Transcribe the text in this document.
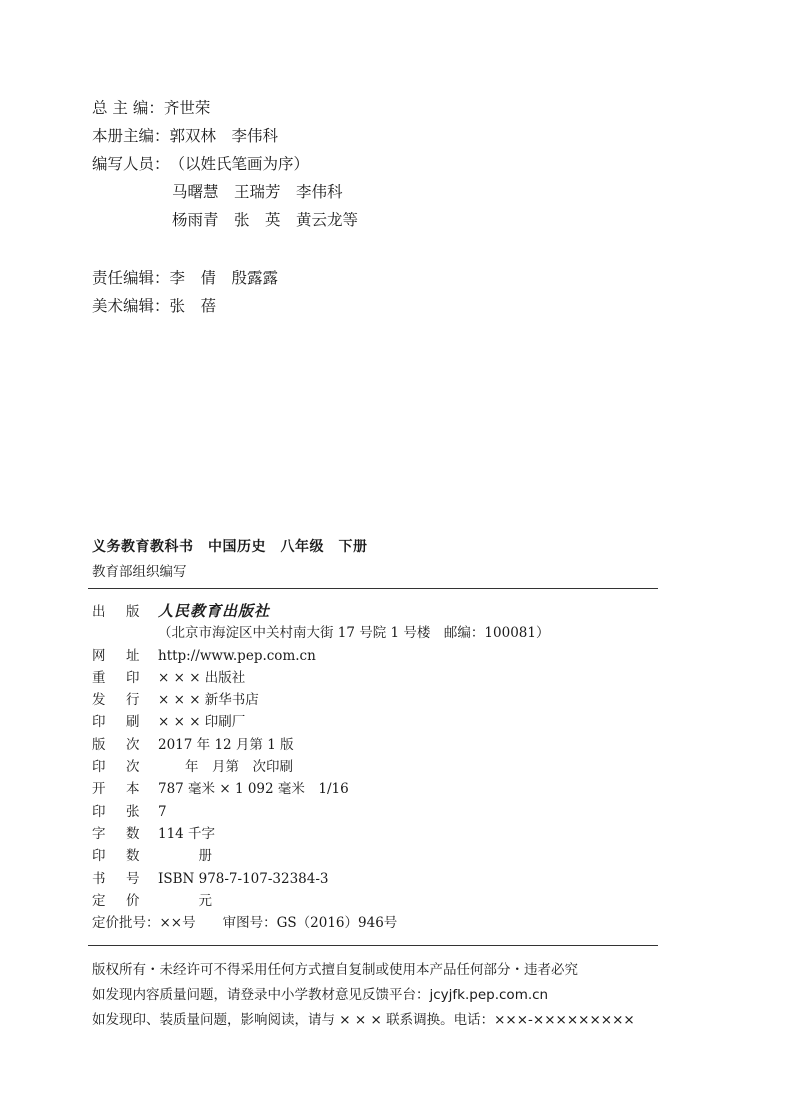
总 主 编：齐世荣
本册主编：郭双林　李伟科
编写人员：（以姓氏笔画为序）
马曙慧　王瑞芳　李伟科
杨雨青　张　英　黄云龙等
责任编辑：李　倩　殷露露
美术编辑：张　蓓
义务教育教科书　中国历史　八年级　下册
教育部组织编写
出 版 人民教育出版社
（北京市海淀区中关村南大街 17 号院 1 号楼　邮编：100081）
网 址 http://www.pep.com.cn
重 印 × × × 出版社
发 行 × × × 新华书店
印 刷 × × × 印刷厂
版 次 2017 年 12 月第 1 版
印 次　　年　月第　次印刷
开 本 787 毫米 × 1 092 毫米　1/16
印 张 7
字 数 114 千字
印 数　　　册
书 号 ISBN 978-7-107-32384-3
定 价　　　元
定价批号：××号　　审图号：GS（2016）946号
版权所有・未经许可不得采用任何方式擅自复制或使用本产品任何部分・违者必究
如发现内容质量问题，请登录中小学教材意见反馈平台：jcyjfk.pep.com.cn
如发现印、装质量问题，影响阅读，请与 × × × 联系调换。电话：×××-×××××××××
